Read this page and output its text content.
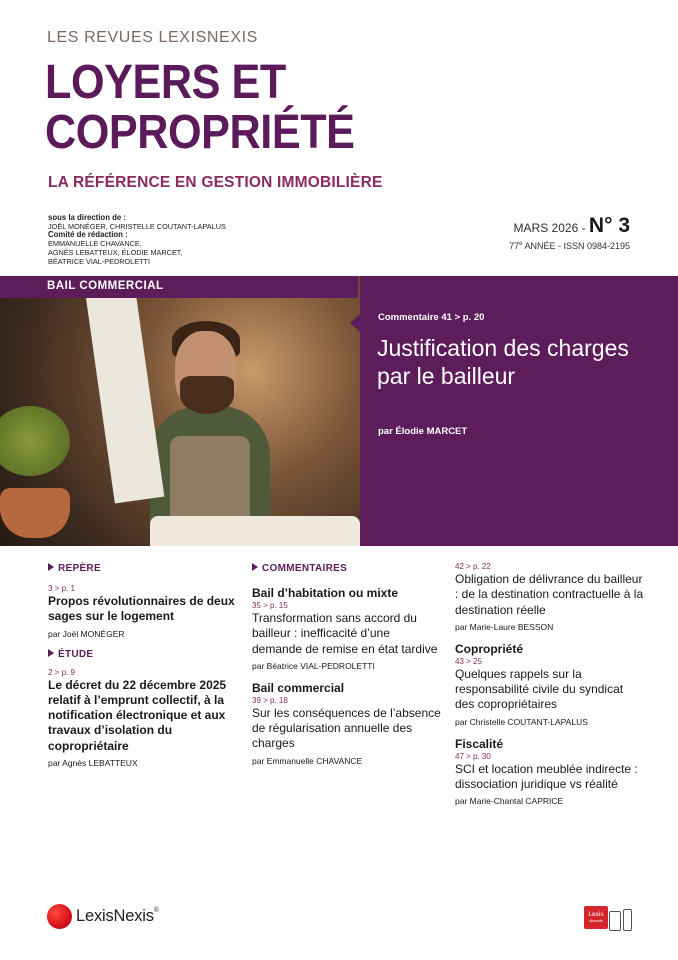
LES REVUES LEXISNEXIS
LOYERS ET
COPROPRIÉTÉ
LA RÉFÉRENCE EN GESTION IMMOBILIÈRE
sous la direction de :
JOËL MONÉGER, CHRISTELLE COUTANT-LAPALUS
Comité de rédaction :
EMMANUELLE CHAVANCE,
AGNÈS LEBATTEUX, ÉLODIE MARCET,
BÉATRICE VIAL-PEDROLETTI
MARS 2026 - N° 3
77e ANNÉE - ISSN 0984-2195
BAIL COMMERCIAL
Commentaire 41 > p. 20
Justification des charges par le bailleur
par Élodie MARCET
REPÈRE
3 > p. 1
Propos révolutionnaires de deux sages sur le logement
par Joël MONÉGER
ÉTUDE
2 > p. 9
Le décret du 22 décembre 2025 relatif à l’emprunt collectif, à la notification électronique et aux travaux d’isolation du copropriétaire
par Agnès LEBATTEUX
COMMENTAIRES
Bail d’habitation ou mixte
35 > p. 15
Transformation sans accord du bailleur : inefficacité d’une demande de remise en état tardive
par Béatrice VIAL-PEDROLETTI
Bail commercial
39 > p. 18
Sur les conséquences de l’absence de régularisation annuelle des charges
par Emmanuelle CHAVANCE
42 > p. 22
Obligation de délivrance du bailleur : de la destination contractuelle à la destination réelle
par Marie-Laure BESSON
Copropriété
43 > 25
Quelques rappels sur la responsabilité civile du syndicat des copropriétaires
par Christelle COUTANT-LAPALUS
Fiscalité
47 > p. 30
SCI et location meublée indirecte : dissociation juridique vs réalité
par Marie-Chantal CAPRICE
LexisNexis®
Lexis
Abonnés
